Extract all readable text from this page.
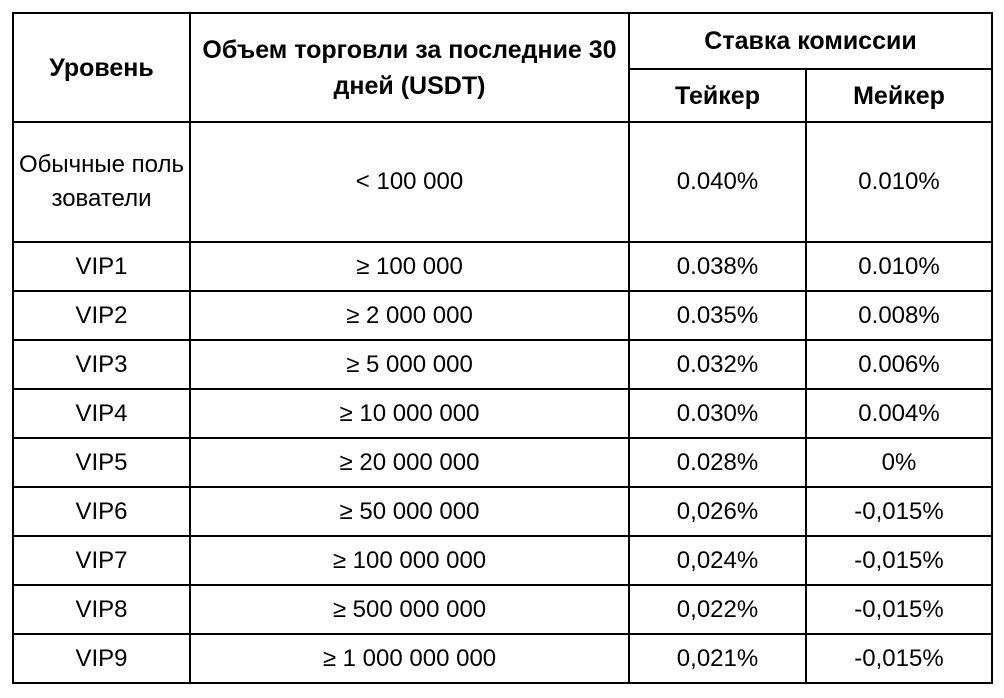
Уровень	Объем торговли за последние 30 дней (USDT)	Ставка комиссии	
		Тейкер	Мейкер
Обычные пользователи	< 100 000	0.040%	0.010%
VIP1	≥ 100 000	0.038%	0.010%
VIP2	≥ 2 000 000	0.035%	0.008%
VIP3	≥ 5 000 000	0.032%	0.006%
VIP4	≥ 10 000 000	0.030%	0.004%
VIP5	≥ 20 000 000	0.028%	0%
VIP6	≥ 50 000 000	0,026%	-0,015%
VIP7	≥ 100 000 000	0,024%	-0,015%
VIP8	≥ 500 000 000	0,022%	-0,015%
VIP9	≥ 1 000 000 000	0,021%	-0,015%
